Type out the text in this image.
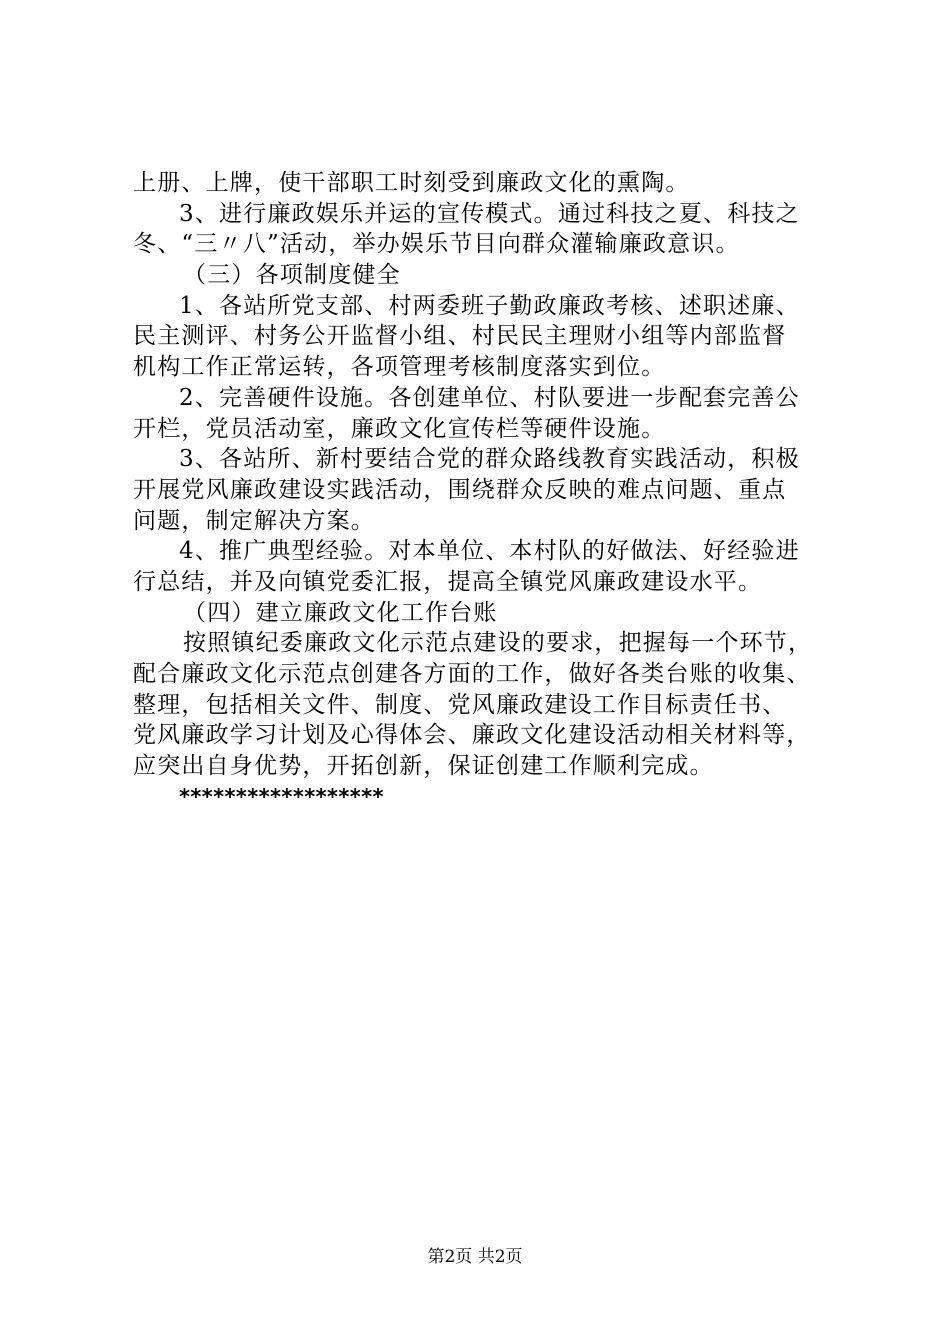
上册、上牌，使干部职工时刻受到廉政文化的熏陶。
3、进行廉政娱乐并运的宣传模式。通过科技之夏、科技之
冬、“三〃八”活动，举办娱乐节目向群众灌输廉政意识。
（三）各项制度健全
1、各站所党支部、村两委班子勤政廉政考核、述职述廉、
民主测评、村务公开监督小组、村民民主理财小组等内部监督
机构工作正常运转，各项管理考核制度落实到位。
2、完善硬件设施。各创建单位、村队要进一步配套完善公
开栏，党员活动室，廉政文化宣传栏等硬件设施。
3、各站所、新村要结合党的群众路线教育实践活动，积极
开展党风廉政建设实践活动，围绕群众反映的难点问题、重点
问题，制定解决方案。
4、推广典型经验。对本单位、本村队的好做法、好经验进
行总结，并及向镇党委汇报，提高全镇党风廉政建设水平。
（四）建立廉政文化工作台账
按照镇纪委廉政文化示范点建设的要求，把握每一个环节，
配合廉政文化示范点创建各方面的工作，做好各类台账的收集、
整理，包括相关文件、制度、党风廉政建设工作目标责任书、
党风廉政学习计划及心得体会、廉政文化建设活动相关材料等，
应突出自身优势，开拓创新，保证创建工作顺利完成。
******************
第2页 共2页
